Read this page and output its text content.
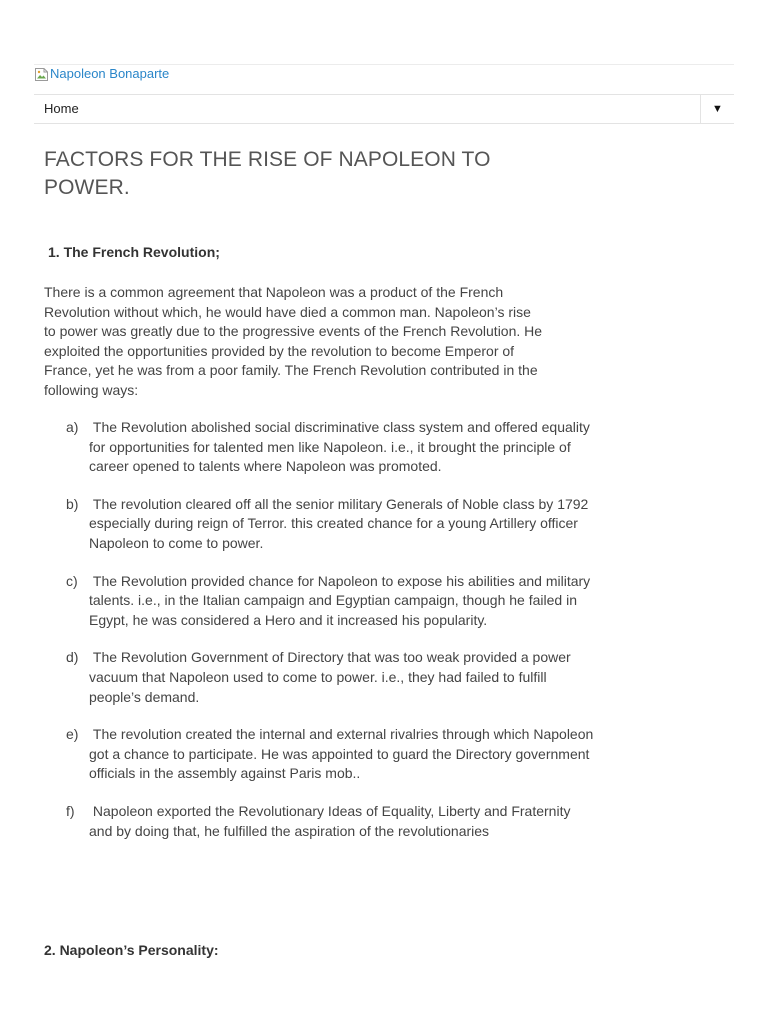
Napoleon Bonaparte
Home	▼
FACTORS FOR THE RISE OF NAPOLEON TO POWER.
1. The French Revolution;

There is a common agreement that Napoleon was a product of the French Revolution without which, he would have died a common man. Napoleon’s rise to power was greatly due to the progressive events of the French Revolution. He exploited the opportunities provided by the revolution to become Emperor of France, yet he was from a poor family. The French Revolution contributed in the following ways:

a) The Revolution abolished social discriminative class system and offered equality for opportunities for talented men like Napoleon. i.e., it brought the principle of career opened to talents where Napoleon was promoted.
b) The revolution cleared off all the senior military Generals of Noble class by 1792 especially during reign of Terror. this created chance for a young Artillery officer Napoleon to come to power.
c) The Revolution provided chance for Napoleon to expose his abilities and military talents. i.e., in the Italian campaign and Egyptian campaign, though he failed in Egypt, he was considered a Hero and it increased his popularity.
d) The Revolution Government of Directory that was too weak provided a power vacuum that Napoleon used to come to power. i.e., they had failed to fulfill people’s demand.
e) The revolution created the internal and external rivalries through which Napoleon got a chance to participate. He was appointed to guard the Directory government officials in the assembly against Paris mob..
f)	Napoleon exported the Revolutionary Ideas of Equality, Liberty and Fraternity and by doing that, he fulfilled the aspiration of the revolutionaries
2. Napoleon’s Personality:
